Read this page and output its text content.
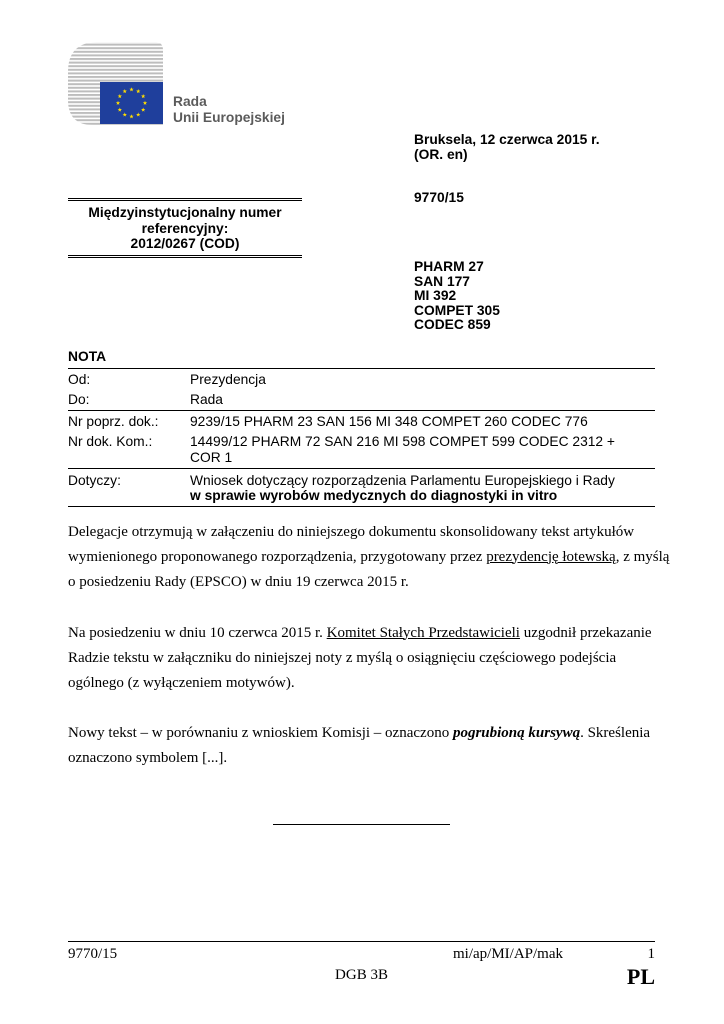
Rada
Unii Europejskiej
Bruksela, 12 czerwca 2015 r.
(OR. en)
9770/15
PHARM 27
SAN 177
MI 392
COMPET 305
CODEC 859
Międzyinstytucjonalny numer
referencyjny:
2012/0267 (COD)
NOTA
Od:	Prezydencja
Do:	Rada
Nr poprz. dok.:	9239/15 PHARM 23 SAN 156 MI 348 COMPET 260 CODEC 776
Nr dok. Kom.:	14499/12 PHARM 72 SAN 216 MI 598 COMPET 599 CODEC 2312 +
COR 1
Dotyczy:	Wniosek dotyczący rozporządzenia Parlamentu Europejskiego i Rady
w sprawie wyrobów medycznych do diagnostyki in vitro
Delegacje otrzymują w załączeniu do niniejszego dokumentu skonsolidowany tekst artykułów
wymienionego proponowanego rozporządzenia, przygotowany przez prezydencję łotewską, z myślą
o posiedzeniu Rady (EPSCO) w dniu 19 czerwca 2015 r.
Na posiedzeniu w dniu 10 czerwca 2015 r. Komitet Stałych Przedstawicieli uzgodnił przekazanie
Radzie tekstu w załączniku do niniejszej noty z myślą o osiągnięciu częściowego podejścia
ogólnego (z wyłączeniem motywów).
Nowy tekst – w porównaniu z wnioskiem Komisji – oznaczono pogrubioną kursywą. Skreślenia
oznaczono symbolem [...].
9770/15	mi/ap/MI/AP/mak	1
DGB 3B	PL
